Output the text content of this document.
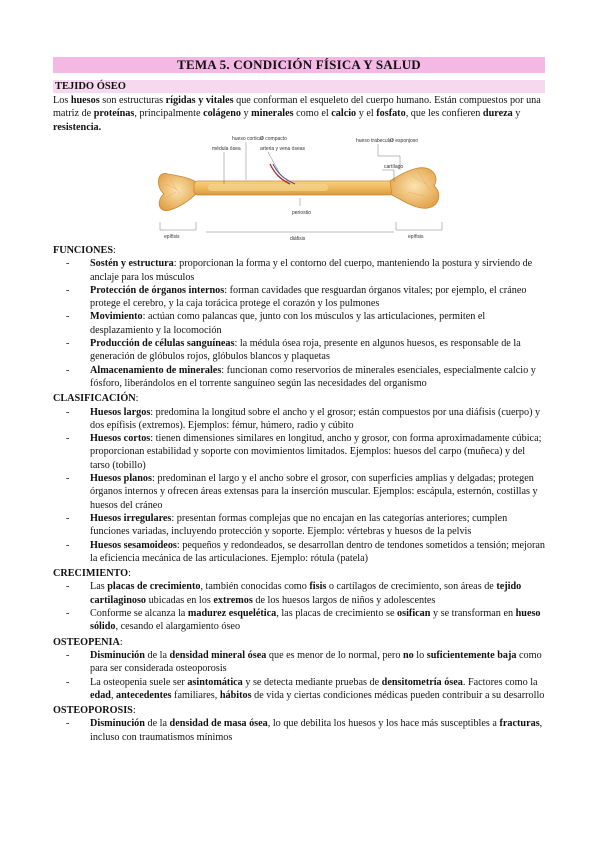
TEMA 5. CONDICIÓN FÍSICA Y SALUD
TEJIDO ÓSEO

Los huesos son estructuras rígidas y vitales que conforman el esqueleto del cuerpo humano. Están compuestos por una matriz de proteínas, principalmente colágeno y minerales como el calcio y el fosfato, que les confieren dureza y resistencia.

médula ósea
hueso cortical
O compacto
arteria y vena óseas
hueso trabecular
O esponjoso
cartílago
periostio
epífisis	diáfisis	epífisis
FUNCIONES:
- Sostén y estructura: proporcionan la forma y el contorno del cuerpo, manteniendo la postura y sirviendo de anclaje para los músculos
- Protección de órganos internos: forman cavidades que resguardan órganos vitales; por ejemplo, el cráneo protege el cerebro, y la caja torácica protege el corazón y los pulmones
- Movimiento: actúan como palancas que, junto con los músculos y las articulaciones, permiten el desplazamiento y la locomoción
- Producción de células sanguíneas: la médula ósea roja, presente en algunos huesos, es responsable de la generación de glóbulos rojos, glóbulos blancos y plaquetas
- Almacenamiento de minerales: funcionan como reservorios de minerales esenciales, especialmente calcio y fósforo, liberándolos en el torrente sanguíneo según las necesidades del organismo
CLASIFICACIÓN:
- Huesos largos: predomina la longitud sobre el ancho y el grosor; están compuestos por una diáfisis (cuerpo) y dos epífisis (extremos). Ejemplos: fémur, húmero, radio y cúbito
- Huesos cortos: tienen dimensiones similares en longitud, ancho y grosor, con forma aproximadamente cúbica; proporcionan estabilidad y soporte con movimientos limitados. Ejemplos: huesos del carpo (muñeca) y del tarso (tobillo)
- Huesos planos: predominan el largo y el ancho sobre el grosor, con superficies amplias y delgadas; protegen órganos internos y ofrecen áreas extensas para la inserción muscular. Ejemplos: escápula, esternón, costillas y huesos del cráneo
- Huesos irregulares: presentan formas complejas que no encajan en las categorías anteriores; cumplen funciones variadas, incluyendo protección y soporte. Ejemplo: vértebras y huesos de la pelvis
- Huesos sesamoideos: pequeños y redondeados, se desarrollan dentro de tendones sometidos a tensión; mejoran la eficiencia mecánica de las articulaciones. Ejemplo: rótula (patela)
CRECIMIENTO:
- Las placas de crecimiento, también conocidas como fisis o cartílagos de crecimiento, son áreas de tejido cartilaginoso ubicadas en los extremos de los huesos largos de niños y adolescentes
- Conforme se alcanza la madurez esquelética, las placas de crecimiento se osifican y se transforman en hueso sólido, cesando el alargamiento óseo
OSTEOPENIA:
- Disminución de la densidad mineral ósea que es menor de lo normal, pero no lo suficientemente baja como para ser considerada osteoporosis
- La osteopenia suele ser asintomática y se detecta mediante pruebas de densitometría ósea. Factores como la edad, antecedentes familiares, hábitos de vida y ciertas condiciones médicas pueden contribuir a su desarrollo
OSTEOPOROSIS:
- Disminución de la densidad de masa ósea, lo que debilita los huesos y los hace más susceptibles a fracturas, incluso con traumatismos mínimos
